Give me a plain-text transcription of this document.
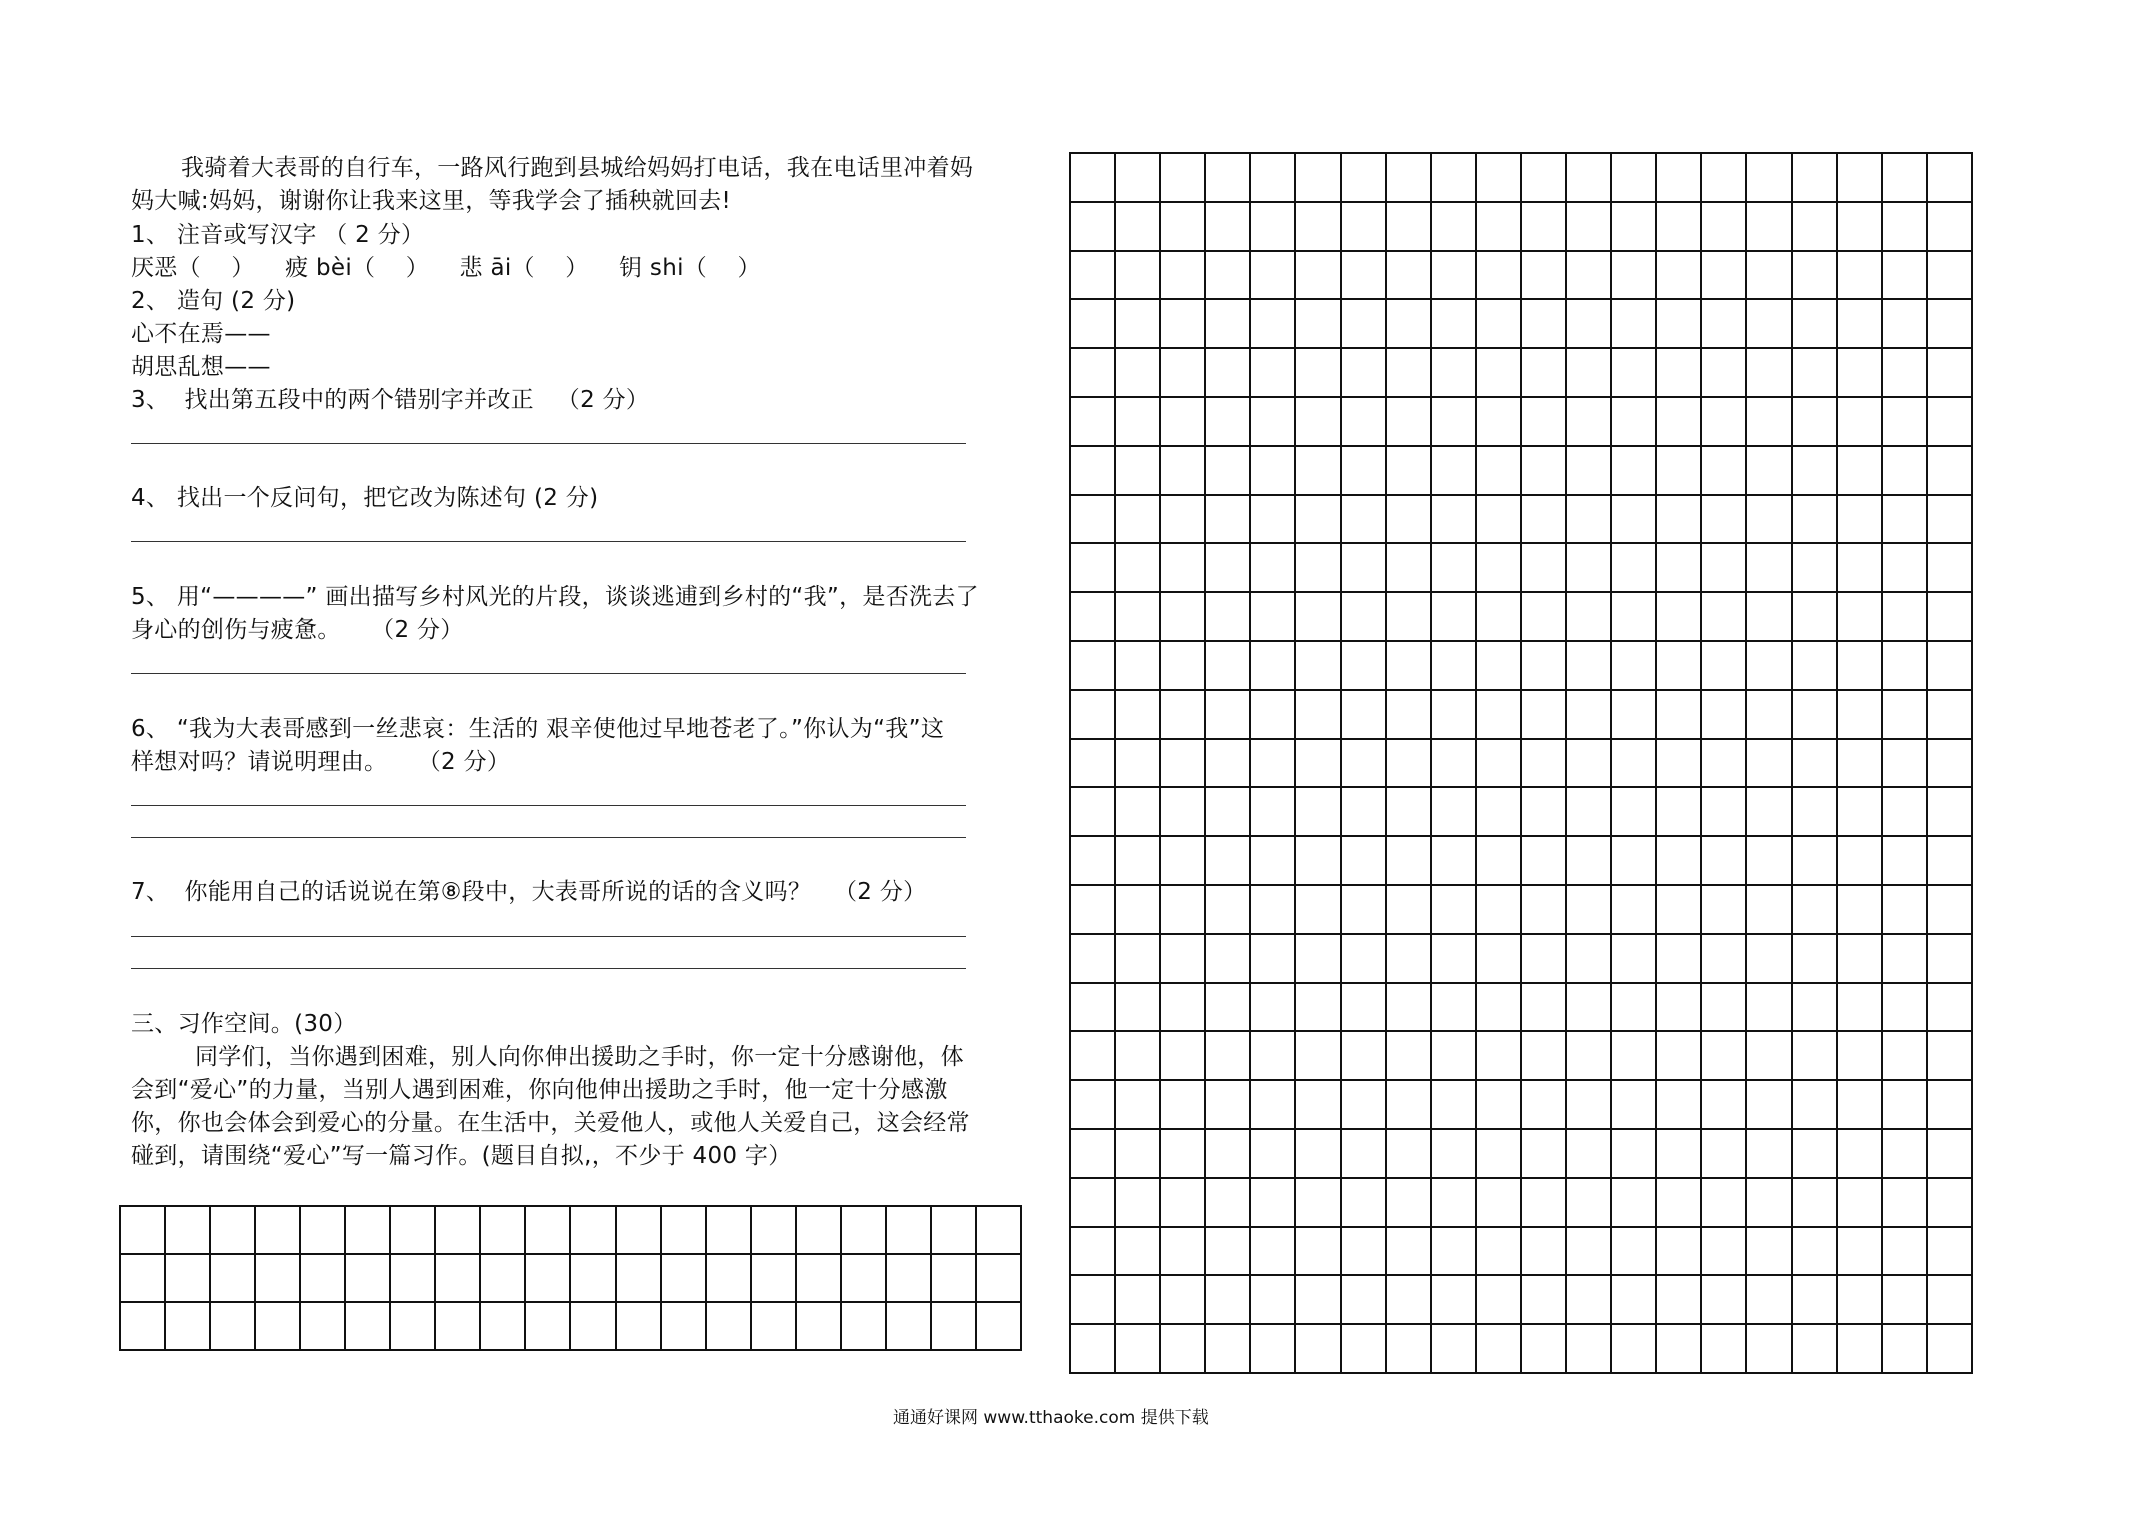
我骑着大表哥的自行车，一路风行跑到县城给妈妈打电话，我在电话里冲着妈
妈大喊:妈妈，谢谢你让我来这里，等我学会了插秧就回去!
1、 注音或写汉字 （ 2 分）
厌恶（    ）    疲 bèi（    ）    悲 āi（    ）    钥 shi（    ）
2、 造句 (2 分)
心不在焉——
胡思乱想——
3、  找出第五段中的两个错别字并改正   （2 分）
4、 找出一个反问句，把它改为陈述句 (2 分)
5、 用“————” 画出描写乡村风光的片段，谈谈逃逋到乡村的“我”，是否洗去了
身心的创伤与疲惫。    （2 分）
6、 “我为大表哥感到一丝悲哀：生活的 艰辛使他过早地苍老了。”你认为“我”这
样想对吗？请说明理由。    （2 分）
7、  你能用自己的话说说在第⑧段中，大表哥所说的话的含义吗？   （2 分）
三、习作空间。(30）
同学们，当你遇到困难，别人向你伸出援助之手时，你一定十分感谢他，体
会到“爱心”的力量，当别人遇到困难，你向他伸出援助之手时，他一定十分感激
你，你也会体会到爱心的分量。在生活中，关爱他人，或他人关爱自己，这会经常
碰到，请围绕“爱心”写一篇习作。(题目自拟,，不少于 400 字）
通通好课网 www.tthaoke.com 提供下载
